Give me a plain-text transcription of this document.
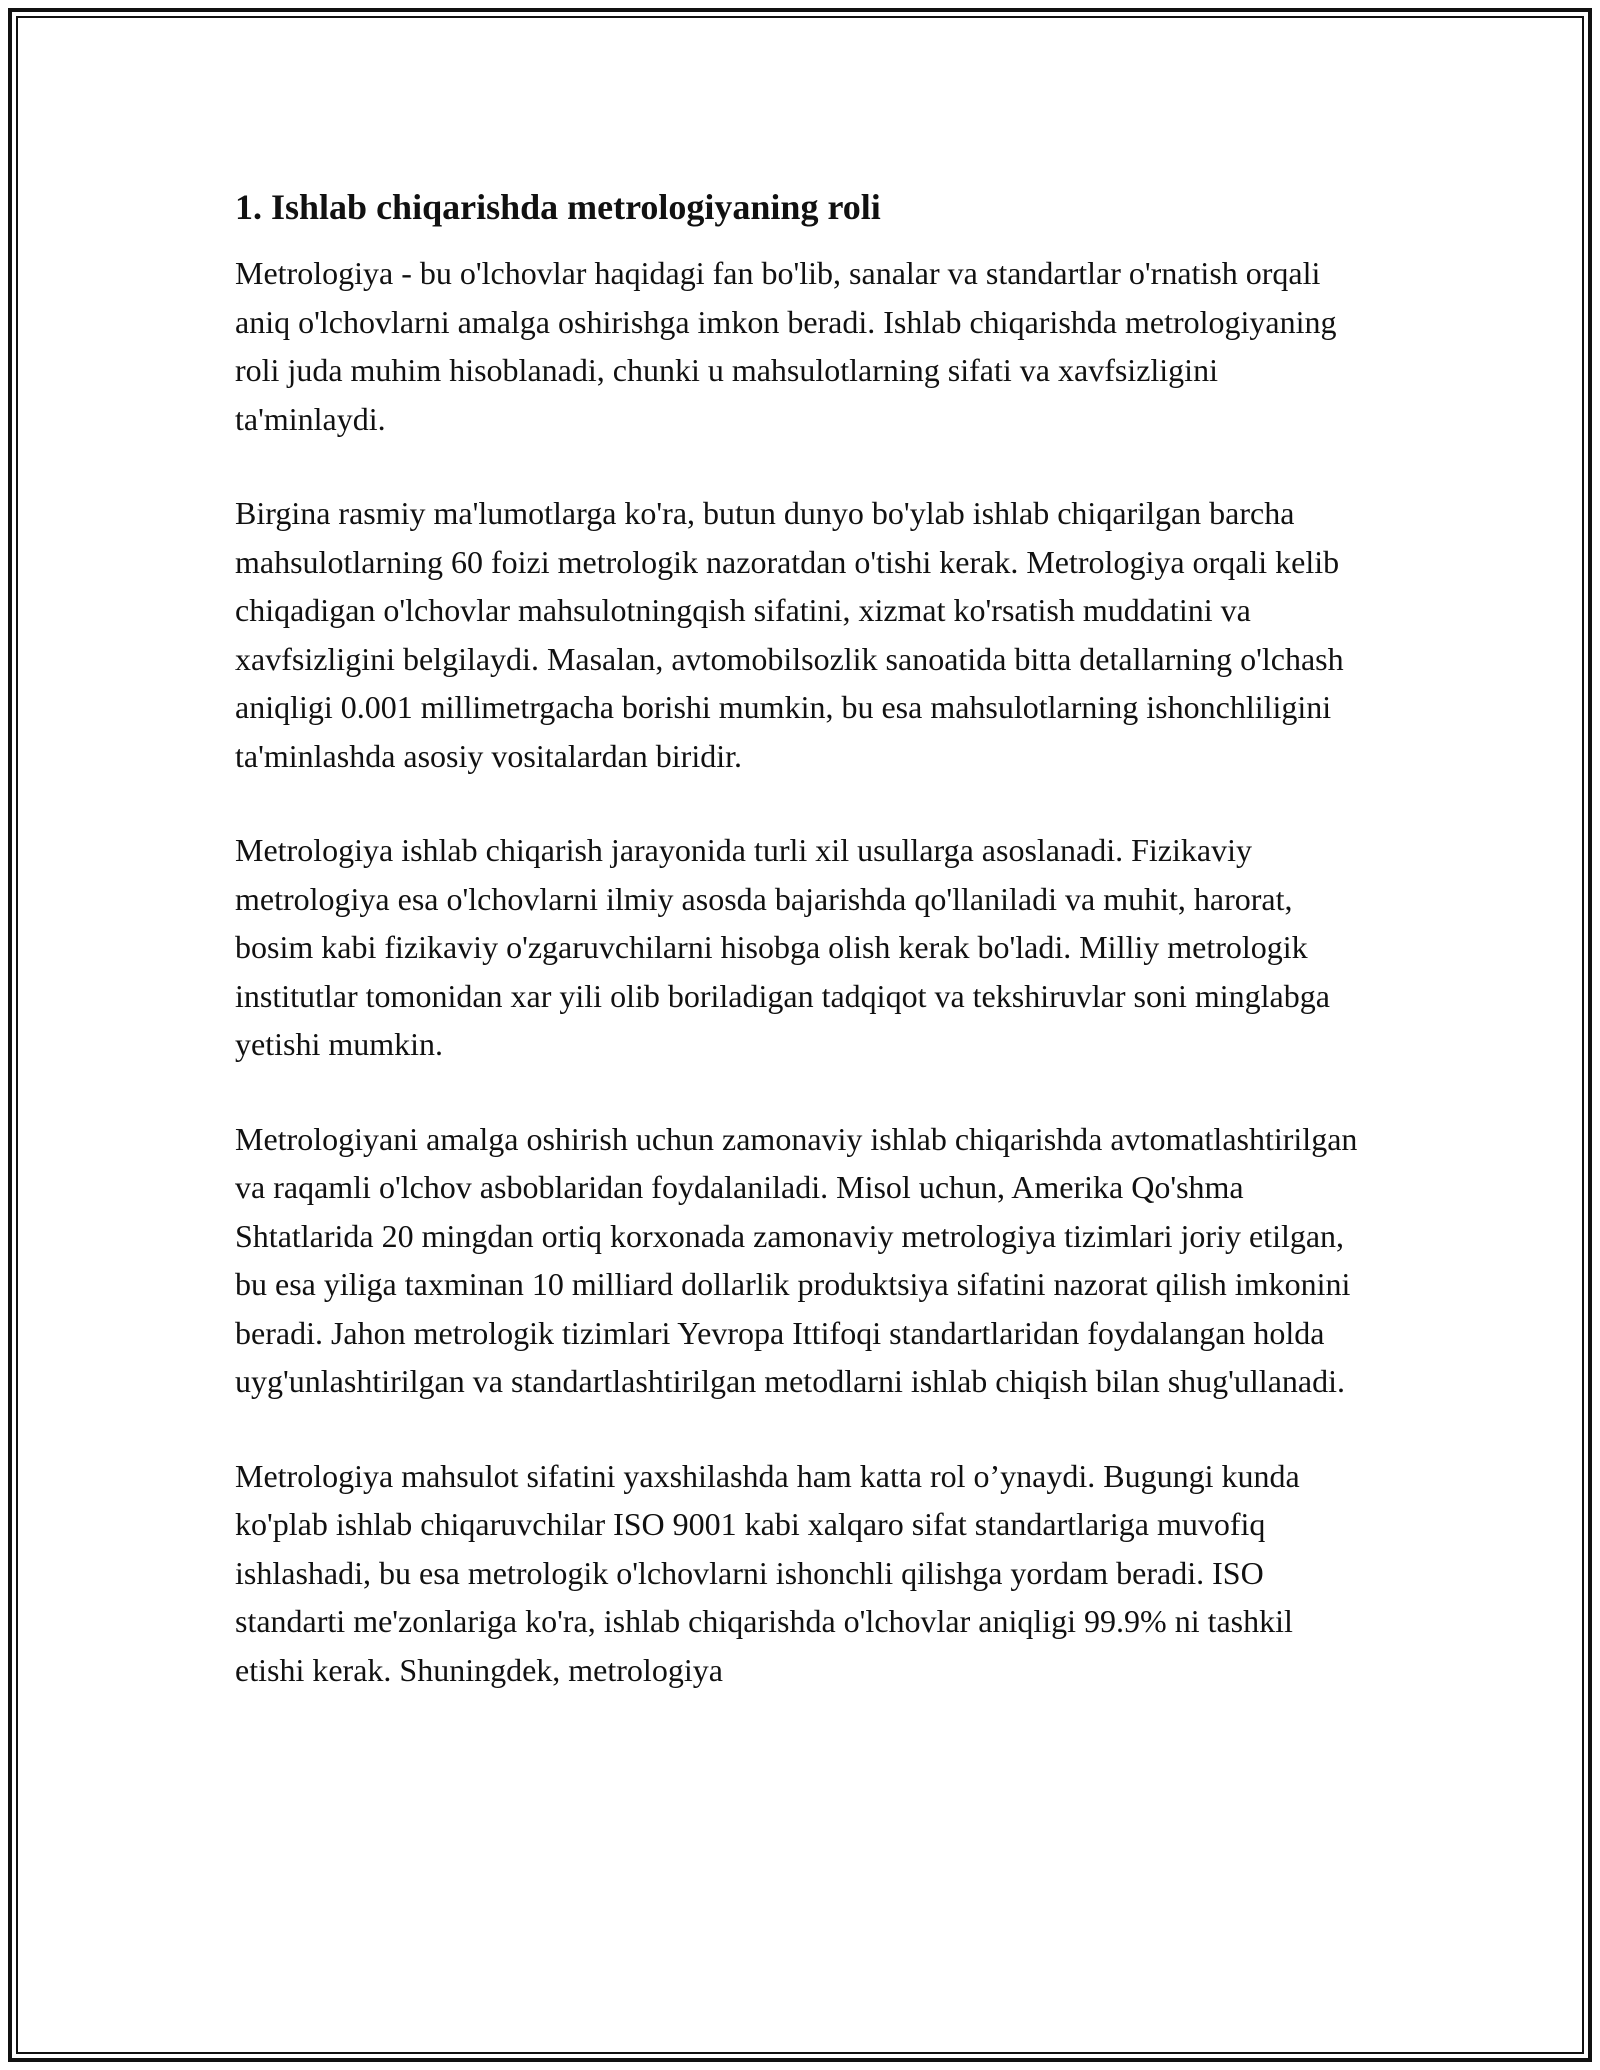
1. Ishlab chiqarishda metrologiyaning roli

Metrologiya - bu o'lchovlar haqidagi fan bo'lib, sanalar va standartlar o'rnatish orqali aniq o'lchovlarni amalga oshirishga imkon beradi. Ishlab chiqarishda metrologiyaning roli juda muhim hisoblanadi, chunki u mahsulotlarning sifati va xavfsizligini ta'minlaydi.

Birgina rasmiy ma'lumotlarga ko'ra, butun dunyo bo'ylab ishlab chiqarilgan barcha mahsulotlarning 60 foizi metrologik nazoratdan o'tishi kerak. Metrologiya orqali kelib chiqadigan o'lchovlar mahsulotningqish sifatini, xizmat ko'rsatish muddatini va xavfsizligini belgilaydi. Masalan, avtomobilsozlik sanoatida bitta detallarning o'lchash aniqligi 0.001 millimetrgacha borishi mumkin, bu esa mahsulotlarning ishonchliligini ta'minlashda asosiy vositalardan biridir.

Metrologiya ishlab chiqarish jarayonida turli xil usullarga asoslanadi. Fizikaviy metrologiya esa o'lchovlarni ilmiy asosda bajarishda qo'llaniladi va muhit, harorat, bosim kabi fizikaviy o'zgaruvchilarni hisobga olish kerak bo'ladi. Milliy metrologik institutlar tomonidan xar yili olib boriladigan tadqiqot va tekshiruvlar soni minglabga yetishi mumkin.

Metrologiyani amalga oshirish uchun zamonaviy ishlab chiqarishda avtomatlashtirilgan va raqamli o'lchov asboblaridan foydalaniladi. Misol uchun, Amerika Qo'shma Shtatlarida 20 mingdan ortiq korxonada zamonaviy metrologiya tizimlari joriy etilgan, bu esa yiliga taxminan 10 milliard dollarlik produktsiya sifatini nazorat qilish imkonini beradi. Jahon metrologik tizimlari Yevropa Ittifoqi standartlaridan foydalangan holda uyg'unlashtirilgan va standartlashtirilgan metodlarni ishlab chiqish bilan shug'ullanadi.

Metrologiya mahsulot sifatini yaxshilashda ham katta rol o’ynaydi. Bugungi kunda ko'plab ishlab chiqaruvchilar ISO 9001 kabi xalqaro sifat standartlariga muvofiq ishlashadi, bu esa metrologik o'lchovlarni ishonchli qilishga yordam beradi. ISO standarti me'zonlariga ko'ra, ishlab chiqarishda o'lchovlar aniqligi 99.9% ni tashkil etishi kerak. Shuningdek, metrologiya
